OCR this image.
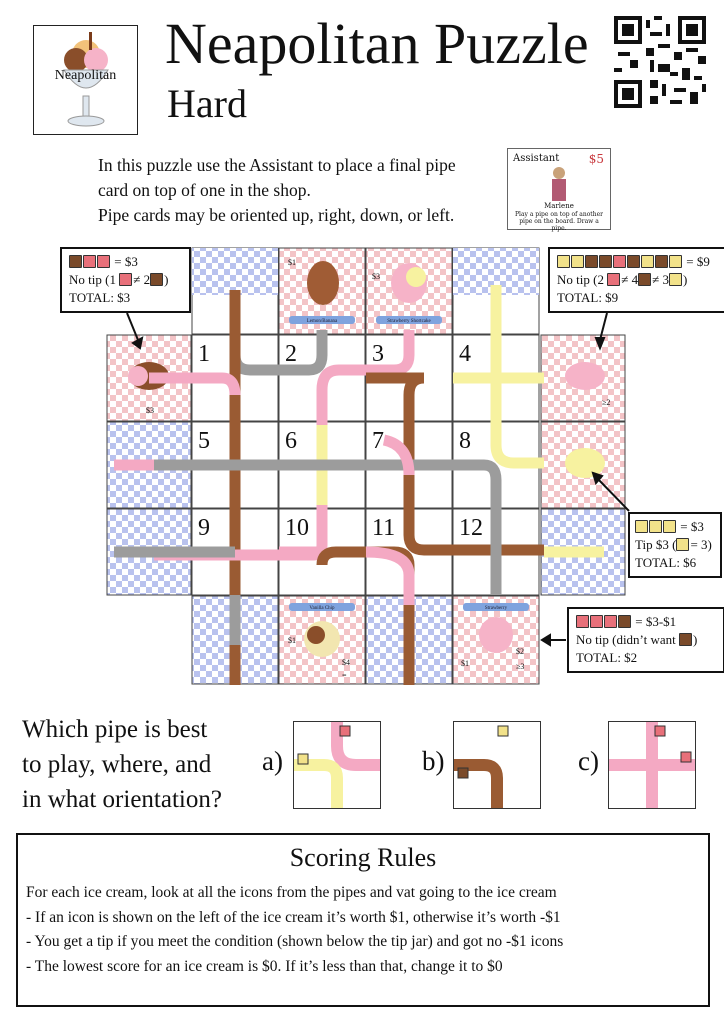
Neapolitan Neapolitan Puzzle
Hard
In this puzzle use the Assistant to place a final pipe
card on top of one in the shop.
Pipe cards may be oriented up, right, down, or left.
Assistant $5
Marlene
Play a pipe on top of another pipe on the board. Draw a pipe.
1	2	3	4
5	6	7	8
9	10	11	12
Lemon/Banana	Strawberry Shortcake
Vanilla Chip	Strawberry
$3
$1
$3
$1
$4
$2
$1	≥3
=
≥2
= $3
No tip (1 ≠ 2 )
TOTAL: $3
= $9
No tip (2 ≠ 4 ≠ 3 )
TOTAL: $9
= $3
Tip $3 ( = 3)
TOTAL: $6
= $3-$1
No tip (didn’t want )
TOTAL: $2
Which pipe is best
to play, where, and
in what orientation?
a)	b)	c)
Scoring Rules
For each ice cream, look at all the icons from the pipes and vat going to the ice cream
- If an icon is shown on the left of the ice cream it’s worth $1, otherwise it’s worth -$1
- You get a tip if you meet the condition (shown below the tip jar) and got no -$1 icons
- The lowest score for an ice cream is $0. If it’s less than that, change it to $0
